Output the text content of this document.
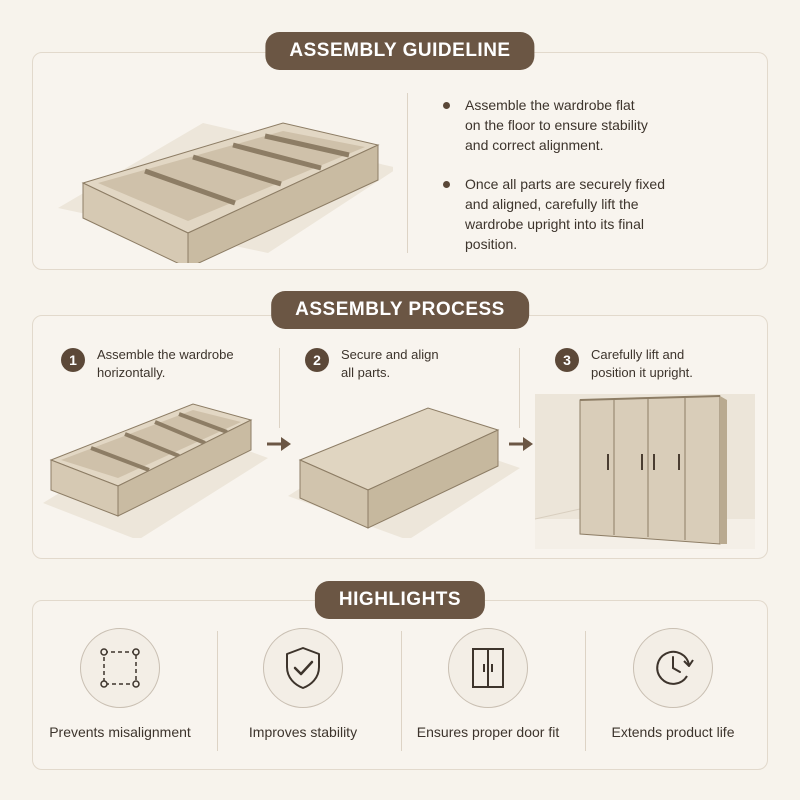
ASSEMBLY GUIDELINE
Assemble the wardrobe flat
on the floor to ensure stability
and correct alignment.
Once all parts are securely fixed
and aligned, carefully lift the
wardrobe upright into its final
position.
ASSEMBLY PROCESS
1	Assemble the wardrobe
horizontally.
2	Secure and align
all parts.
3	Carefully lift and
position it upright.
HIGHLIGHTS
Prevents misalignment	Improves stability	Ensures proper door fit	Extends product life
